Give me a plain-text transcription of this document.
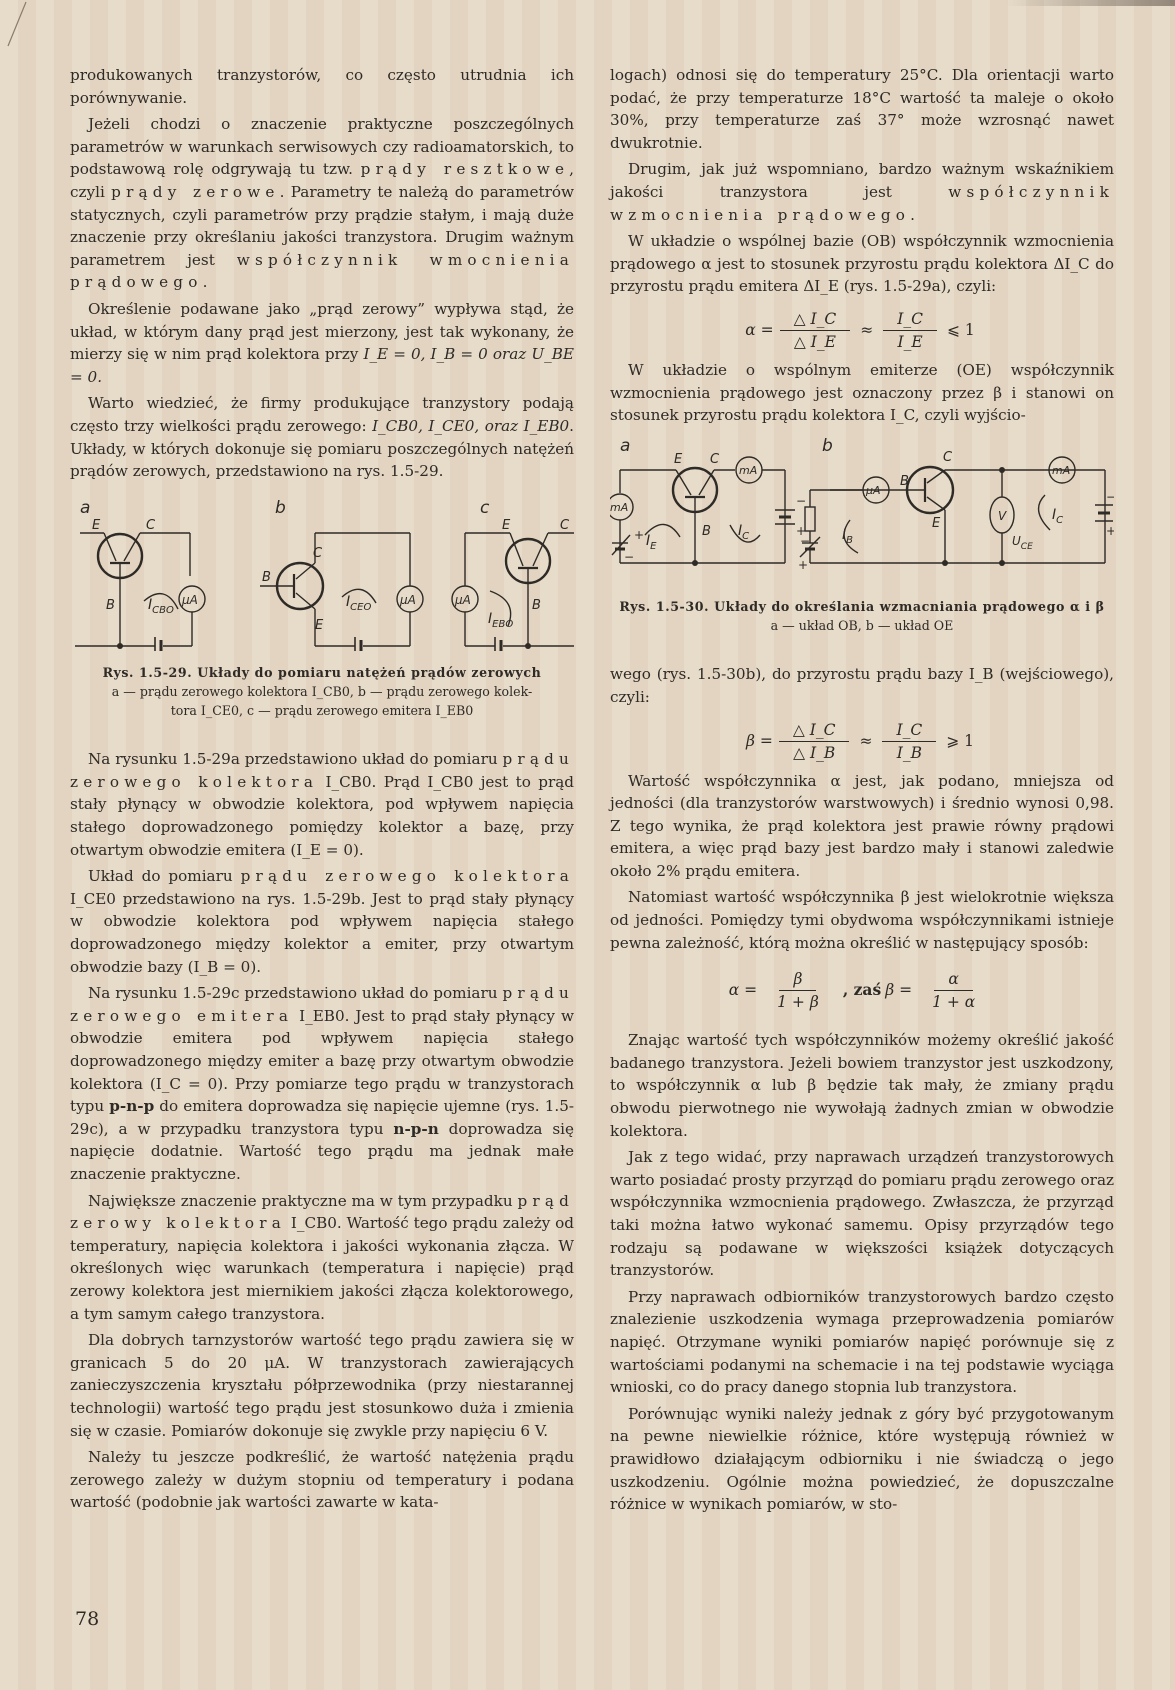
produkowanych tranzystorów, co często utrudnia ich porównywanie.

Jeżeli chodzi o znaczenie praktyczne poszczególnych parametrów w warunkach serwisowych czy radioamatorskich, to podstawową rolę odgrywają tu tzw. prądy resztkowe, czyli prądy zerowe. Parametry te należą do parametrów statycznych, czyli parametrów przy prądzie stałym, i mają duże znaczenie przy określaniu jakości tranzystora. Drugim ważnym parametrem jest współczynnik wmocnienia prądowego.

Określenie podawane jako „prąd zerowy” wypływa stąd, że układ, w którym dany prąd jest mierzony, jest tak wykonany, że mierzy się w nim prąd kolektora przy I_E = 0, I_B = 0 oraz U_BE = 0.

Warto wiedzieć, że firmy produkujące tranzystory podają często trzy wielkości prądu zerowego: I_CB0, I_CE0, oraz I_EB0. Układy, w których dokonuje się pomiaru poszczególnych natężeń prądów zerowych, przedstawiono na rys. 1.5-29.

a	b	c
E	C
B $I_{CBO}$
μA
C
B
E
$I_{CEO}$
μA
E	C
B
$I_{EBO}$
μA
Rys. 1.5-29. Układy do pomiaru natężeń prądów zerowych
a — prądu zerowego kolektora I_CB0, b — prądu zerowego kolek-
tora I_CE0, c — prądu zerowego emitera I_EB0

Na rysunku 1.5-29a przedstawiono układ do pomiaru prądu zerowego kolektora I_CB0. Prąd I_CB0 jest to prąd stały płynący w obwodzie kolektora, pod wpływem napięcia stałego doprowadzonego pomiędzy kolektor a bazę, przy otwartym obwodzie emitera (I_E = 0).

Układ do pomiaru prądu zerowego kolektora I_CE0 przedstawiono na rys. 1.5-29b. Jest to prąd stały płynący w obwodzie kolektora pod wpływem napięcia stałego doprowadzonego między kolektor a emiter, przy otwartym obwodzie bazy (I_B = 0).

Na rysunku 1.5-29c przedstawiono układ do pomiaru prądu zerowego emitera I_EB0. Jest to prąd stały płynący w obwodzie emitera pod wpływem napięcia stałego doprowadzonego między emiter a bazę przy otwartym obwodzie kolektora (I_C = 0). Przy pomiarze tego prądu w tranzystorach typu p-n-p do emitera doprowadza się napięcie ujemne (rys. 1.5-29c), a w przypadku tranzystora typu n-p-n doprowadza się napięcie dodatnie. Wartość tego prądu ma jednak małe znaczenie praktyczne.

Największe znaczenie praktyczne ma w tym przypadku prąd zerowy kolektora I_CB0. Wartość tego prądu zależy od temperatury, napięcia kolektora i jakości wykonania złącza. W określonych więc warunkach (temperatura i napięcie) prąd zerowy kolektora jest miernikiem jakości złącza kolektorowego, a tym samym całego tranzystora.

Dla dobrych tarnzystorów wartość tego prądu zawiera się w granicach 5 do 20 μA. W tranzystorach zawierających zanieczyszczenia kryształu półprzewodnika (przy niestarannej technologii) wartość tego prądu jest stosunkowo duża i zmienia się w czasie. Pomiarów dokonuje się zwykle przy napięciu 6 V.

Należy tu jeszcze podkreślić, że wartość natężenia prądu zerowego zależy w dużym stopniu od temperatury i podana wartość (podobnie jak wartości zawarte w kata-

logach) odnosi się do temperatury 25°C. Dla orientacji warto podać, że przy temperaturze 18°C wartość ta maleje o około 30%, przy temperaturze zaś 37° może wzrosnąć nawet dwukrotnie.

Drugim, jak już wspomniano, bardzo ważnym wskaźnikiem jakości tranzystora jest współczynnik wzmocnienia prądowego.

W układzie o wspólnej bazie (OB) współczynnik wzmocnienia prądowego α jest to stosunek przyrostu prądu kolektora ΔI_C do przyrostu prądu emitera ΔI_E (rys. 1.5-29a), czyli:

$\alpha = \frac{\triangle I\_C}{\triangle I\_E} \approx \frac{I\_C}{I\_E}$ ⩽ 1

W układzie o wspólnym emiterze (OE) współczynnik wzmocnienia prądowego jest oznaczony przez β i stanowi on stosunek przyrostu prądu kolektora I_C, czyli wyjścio-

a	b
E C
B
mA
mA
$I_E$
$I_C$
+
−
−
+
μA
B
C
E
mA
V
$I_B$
$I_C$
$U_{CE}$
−
+
Rys. 1.5-30. Układy do określania wzmacniania prądowego α i β
a — układ OB, b — układ OE

wego (rys. 1.5-30b), do przyrostu prądu bazy I_B (wejściowego), czyli:

$\beta = \frac{\triangle I\_C}{\triangle I\_B} \approx \frac{I\_C}{I\_B}$ ⩾ 1

Wartość współczynnika α jest, jak podano, mniejsza od jedności (dla tranzystorów warstwowych) i średnio wynosi 0,98. Z tego wynika, że prąd kolektora jest prawie równy prądowi emitera, a więc prąd bazy jest bardzo mały i stanowi zaledwie około 2% prądu emitera.

Natomiast wartość współczynnika β jest wielokrotnie większa od jedności. Pomiędzy tymi obydwoma współczynnikami istnieje pewna zależność, którą można określić w następujący sposób:

$\alpha = \frac{\beta}{1 + \beta}$ , zaś $\beta = \frac{\alpha}{1 + \alpha}$

Znając wartość tych współczynników możemy określić jakość badanego tranzystora. Jeżeli bowiem tranzystor jest uszkodzony, to współczynnik α lub β będzie tak mały, że zmiany prądu obwodu pierwotnego nie wywołają żadnych zmian w obwodzie kolektora.

Jak z tego widać, przy naprawach urządzeń tranzystorowych warto posiadać prosty przyrząd do pomiaru prądu zerowego oraz współczynnika wzmocnienia prądowego. Zwłaszcza, że przyrząd taki można łatwo wykonać samemu. Opisy przyrządów tego rodzaju są podawane w większości książek dotyczących tranzystorów.

Przy naprawach odbiorników tranzystorowych bardzo często znalezienie uszkodzenia wymaga przeprowadzenia pomiarów napięć. Otrzymane wyniki pomiarów napięć porównuje się z wartościami podanymi na schemacie i na tej podstawie wyciąga wnioski, co do pracy danego stopnia lub tranzystora.

Porównując wyniki należy jednak z góry być przygotowanym na pewne niewielkie różnice, które występują również w prawidłowo działającym odbiorniku i nie świadczą o jego uszkodzeniu. Ogólnie można powiedzieć, że dopuszczalne różnice w wynikach pomiarów, w sto-

78
